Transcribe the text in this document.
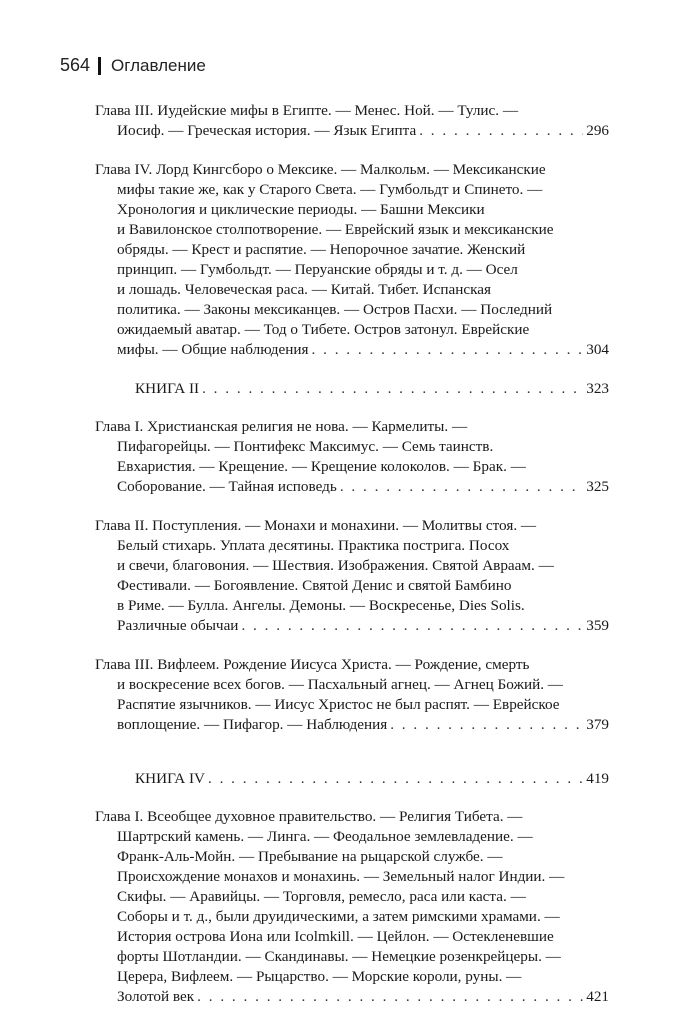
564 Оглавление
Глава III. Иудейские мифы в Египте. — Менес. Ной. — Тулис. —
Иосиф. — Греческая история. — Язык Египта . . .	296
Глава IV. Лорд Кингсборо о Мексике. — Малкольм. — Мексиканские
мифы такие же, как у Старого Света. — Гумбольдт и Спинето. —
Хронология и циклические периоды. — Башни Мексики
и Вавилонское столпотворение. — Еврейский язык и мексиканские
обряды. — Крест и распятие. — Непорочное зачатие. Женский
принцип. — Гумбольдт. — Перуанские обряды и т. д. — Осел
и лошадь. Человеческая раса. — Китай. Тибет. Испанская
политика. — Законы мексиканцев. — Остров Пасхи. — Последний
ожидаемый аватар. — Тод о Тибете. Остров затонул. Еврейские
мифы. — Общие наблюдения . . .	304
КНИГА II . . .	323
Глава I. Христианская религия не нова. — Кармелиты. —
Пифагорейцы. — Понтифекс Максимус. — Семь таинств.
Евхаристия. — Крещение. — Крещение колоколов. — Брак. —
Соборование. — Тайная исповедь . . .	325
Глава II. Поступления. — Монахи и монахини. — Молитвы стоя. —
Белый стихарь. Уплата десятины. Практика пострига. Посох
и свечи, благовония. — Шествия. Изображения. Святой Авраам. —
Фестивали. — Богоявление. Святой Денис и святой Бамбино
в Риме. — Булла. Ангелы. Демоны. — Воскресенье, Dies Solis.
Различные обычаи . . .	359
Глава III. Вифлеем. Рождение Иисуса Христа. — Рождение, смерть
и воскресение всех богов. — Пасхальный агнец. — Агнец Божий. —
Распятие язычников. — Иисус Христос не был распят. — Еврейское
воплощение. — Пифагор. — Наблюдения . . .	379
КНИГА IV . . .	419
Глава I. Всеобщее духовное правительство. — Религия Тибета. —
Шартрский камень. — Линга. — Феодальное землевладение. —
Франк-Аль-Мойн. — Пребывание на рыцарской службе. —
Происхождение монахов и монахинь. — Земельный налог Индии. —
Скифы. — Аравийцы. — Торговля, ремесло, раса или каста. —
Соборы и т. д., были друидическими, а затем римскими храмами. —
История острова Иона или Icolmkill. — Цейлон. — Остекленевшие
форты Шотландии. — Скандинавы. — Немецкие розенкрейцеры. —
Церера, Вифлеем. — Рыцарство. — Морские короли, руны. —
Золотой век . . .	421
